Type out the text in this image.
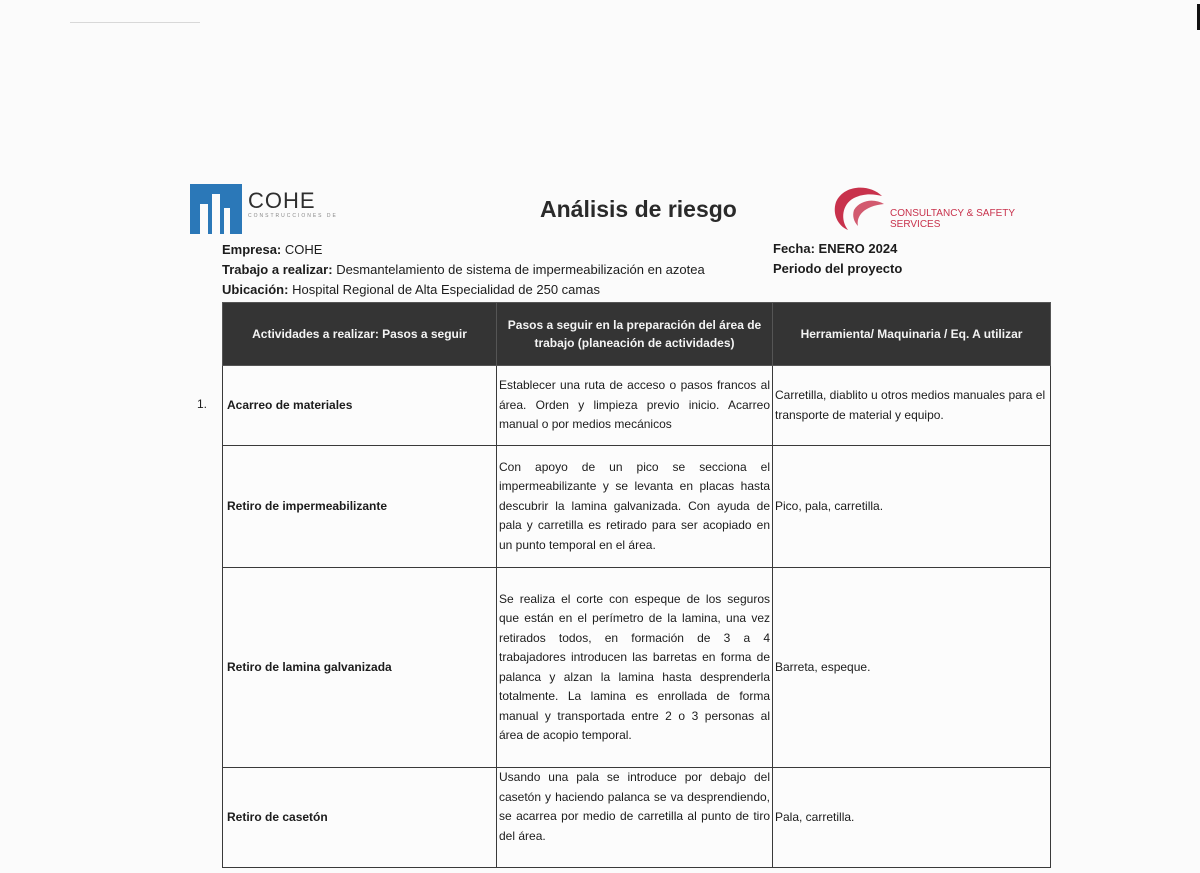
COHE
CONSTRUCCIONES DE	Análisis de riesgo	CONSULTANCY & SAFETY SERVICES
Empresa: COHE
Trabajo a realizar: Desmantelamiento de sistema de impermeabilización en azotea
Ubicación: Hospital Regional de Alta Especialidad de 250 camas
Fecha: ENERO 2024
Periodo del proyecto
1.
Actividades a realizar: Pasos a seguir	Pasos a seguir en la preparación del área de trabajo (planeación de actividades)	Herramienta/ Maquinaria / Eq. A utilizar
Acarreo de materiales	Establecer una ruta de acceso o pasos francos al área. Orden y limpieza previo inicio. Acarreo manual o por medios mecánicos	Carretilla, diablito u otros medios manuales para el transporte de material y equipo.
Retiro de impermeabilizante	Con apoyo de un pico se secciona el impermeabilizante y se levanta en placas hasta descubrir la lamina galvanizada. Con ayuda de pala y carretilla es retirado para ser acopiado en un punto temporal en el área.	Pico, pala, carretilla.
Retiro de lamina galvanizada	Se realiza el corte con espeque de los seguros que están en el perímetro de la lamina, una vez retirados todos, en formación de 3 a 4 trabajadores introducen las barretas en forma de palanca y alzan la lamina hasta desprenderla totalmente. La lamina es enrollada de forma manual y transportada entre 2 o 3 personas al área de acopio temporal.	Barreta, espeque.
Retiro de casetón	Usando una pala se introduce por debajo del casetón y haciendo palanca se va desprendiendo, se acarrea por medio de carretilla al punto de tiro del área.	Pala, carretilla.
